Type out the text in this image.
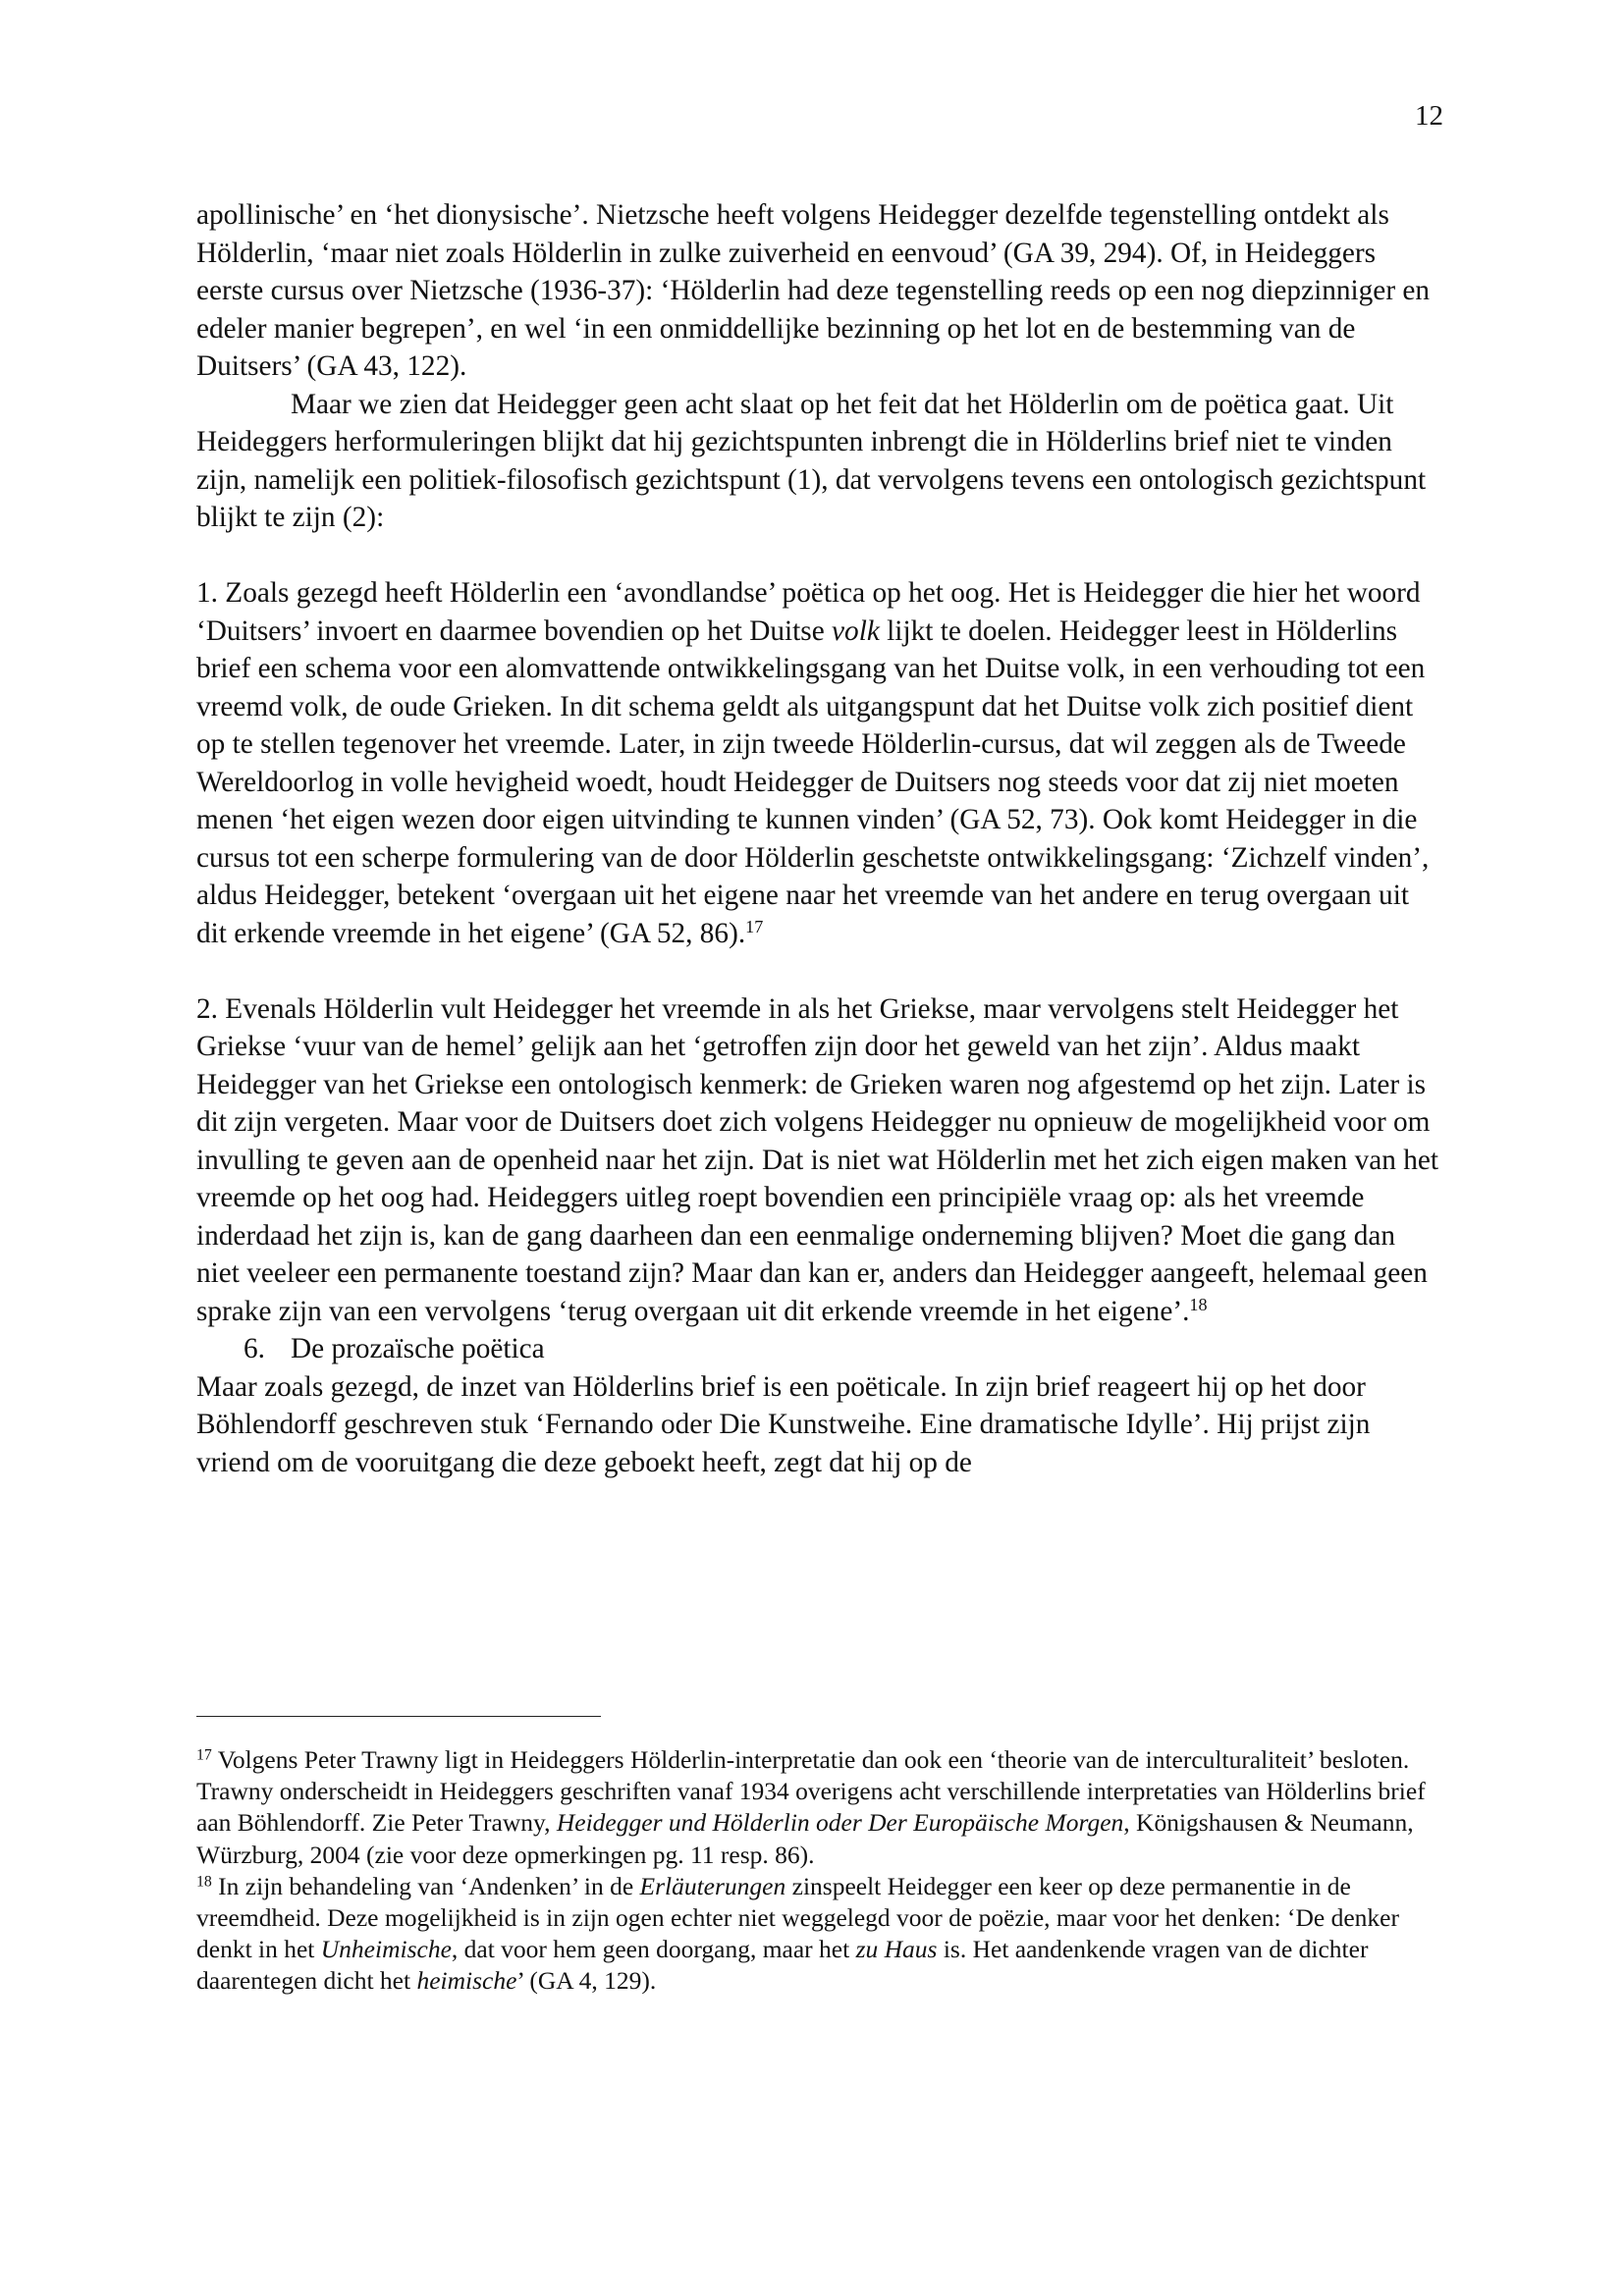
12

apollinische’ en ‘het dionysische’. Nietzsche heeft volgens Heidegger dezelfde tegenstelling ontdekt als Hölderlin, ‘maar niet zoals Hölderlin in zulke zuiverheid en eenvoud’ (GA 39, 294). Of, in Heideggers eerste cursus over Nietzsche (1936-37): ‘Hölderlin had deze tegenstelling reeds op een nog diepzinniger en edeler manier begrepen’, en wel ‘in een onmiddellijke bezinning op het lot en de bestemming van de Duitsers’ (GA 43, 122).

Maar we zien dat Heidegger geen acht slaat op het feit dat het Hölderlin om de poëtica gaat. Uit Heideggers herformuleringen blijkt dat hij gezichtspunten inbrengt die in Hölderlins brief niet te vinden zijn, namelijk een politiek-filosofisch gezichtspunt (1), dat vervolgens tevens een ontologisch gezichtspunt blijkt te zijn (2):

1. Zoals gezegd heeft Hölderlin een ‘avondlandse’ poëtica op het oog. Het is Heidegger die hier het woord ‘Duitsers’ invoert en daarmee bovendien op het Duitse volk lijkt te doelen. Heidegger leest in Hölderlins brief een schema voor een alomvattende ontwikkelingsgang van het Duitse volk, in een verhouding tot een vreemd volk, de oude Grieken. In dit schema geldt als uitgangspunt dat het Duitse volk zich positief dient op te stellen tegenover het vreemde. Later, in zijn tweede Hölderlin-cursus, dat wil zeggen als de Tweede Wereldoorlog in volle hevigheid woedt, houdt Heidegger de Duitsers nog steeds voor dat zij niet moeten menen ‘het eigen wezen door eigen uitvinding te kunnen vinden’ (GA 52, 73). Ook komt Heidegger in die cursus tot een scherpe formulering van de door Hölderlin geschetste ontwikkelingsgang: ‘Zichzelf vinden’, aldus Heidegger, betekent ‘overgaan uit het eigene naar het vreemde van het andere en terug overgaan uit dit erkende vreemde in het eigene’ (GA 52, 86).$^{17}$

2. Evenals Hölderlin vult Heidegger het vreemde in als het Griekse, maar vervolgens stelt Heidegger het Griekse ‘vuur van de hemel’ gelijk aan het ‘getroffen zijn door het geweld van het zijn’. Aldus maakt Heidegger van het Griekse een ontologisch kenmerk: de Grieken waren nog afgestemd op het zijn. Later is dit zijn vergeten. Maar voor de Duitsers doet zich volgens Heidegger nu opnieuw de mogelijkheid voor om invulling te geven aan de openheid naar het zijn. Dat is niet wat Hölderlin met het zich eigen maken van het vreemde op het oog had. Heideggers uitleg roept bovendien een principiële vraag op: als het vreemde inderdaad het zijn is, kan de gang daarheen dan een eenmalige onderneming blijven? Moet die gang dan niet veeleer een permanente toestand zijn? Maar dan kan er, anders dan Heidegger aangeeft, helemaal geen sprake zijn van een vervolgens ‘terug overgaan uit dit erkende vreemde in het eigene’.$^{18}$

6. De prozaïsche poëtica

Maar zoals gezegd, de inzet van Hölderlins brief is een poëticale. In zijn brief reageert hij op het door Böhlendorff geschreven stuk ‘Fernando oder Die Kunstweihe. Eine dramatische Idylle’. Hij prijst zijn vriend om de vooruitgang die deze geboekt heeft, zegt dat hij op de

$^{17}$ Volgens Peter Trawny ligt in Heideggers Hölderlin-interpretatie dan ook een ‘theorie van de interculturaliteit’ besloten. Trawny onderscheidt in Heideggers geschriften vanaf 1934 overigens acht verschillende interpretaties van Hölderlins brief aan Böhlendorff. Zie Peter Trawny, Heidegger und Hölderlin oder Der Europäische Morgen, Königshausen & Neumann, Würzburg, 2004 (zie voor deze opmerkingen pg. 11 resp. 86).

$^{18}$ In zijn behandeling van ‘Andenken’ in de Erläuterungen zinspeelt Heidegger een keer op deze permanentie in de vreemdheid. Deze mogelijkheid is in zijn ogen echter niet weggelegd voor de poëzie, maar voor het denken: ‘De denker denkt in het Unheimische, dat voor hem geen doorgang, maar het zu Haus is. Het aandenkende vragen van de dichter daarentegen dicht het heimische’ (GA 4, 129).
